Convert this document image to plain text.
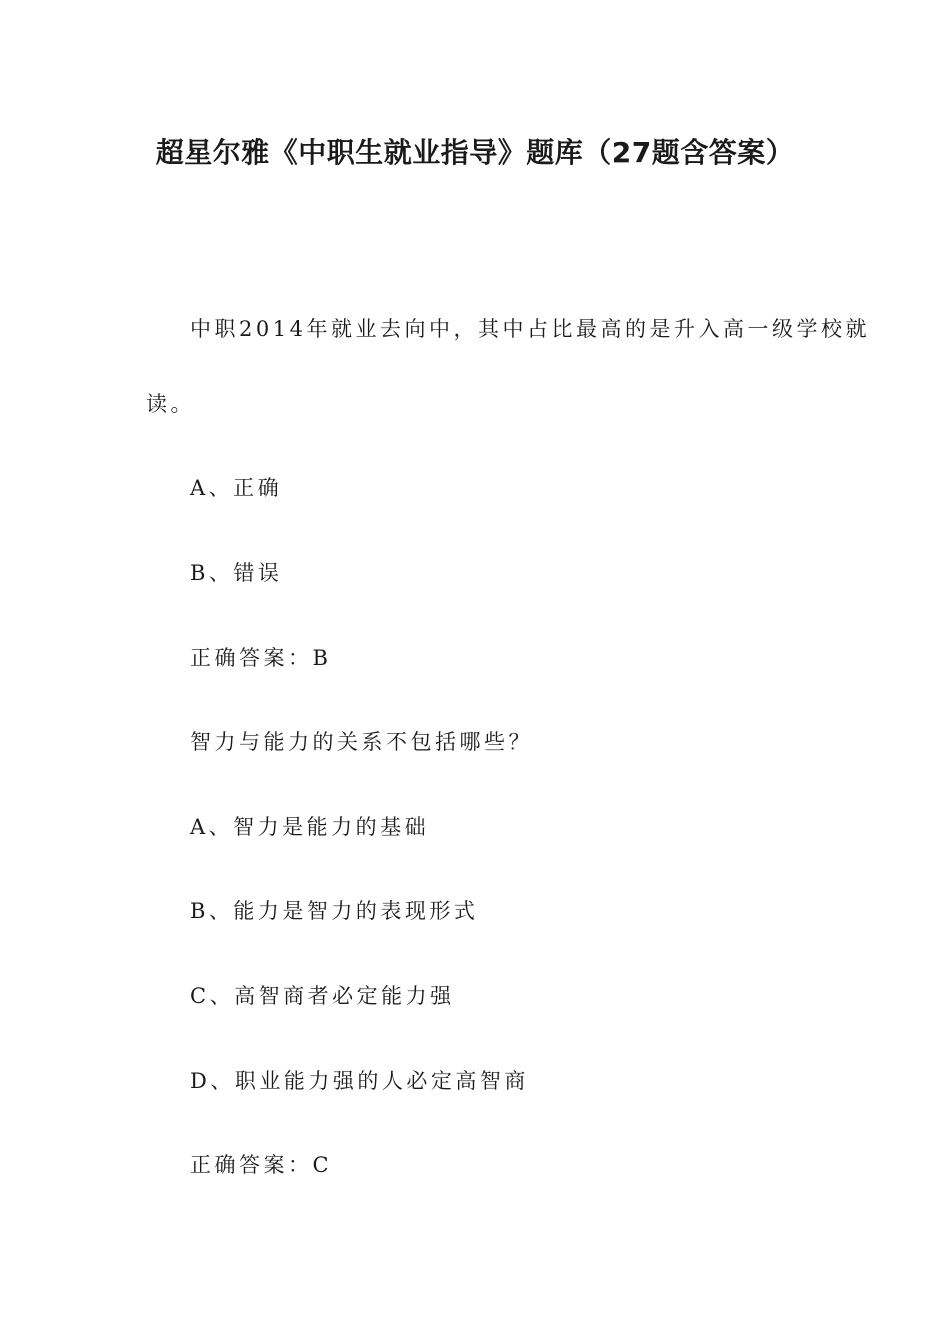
超星尔雅《中职生就业指导》题库（27题含答案）
中职2014年就业去向中，其中占比最高的是升入高一级学校就
读。
A、正确
B、错误
正确答案：B
智力与能力的关系不包括哪些？
A、智力是能力的基础
B、能力是智力的表现形式
C、高智商者必定能力强
D、职业能力强的人必定高智商
正确答案：C
